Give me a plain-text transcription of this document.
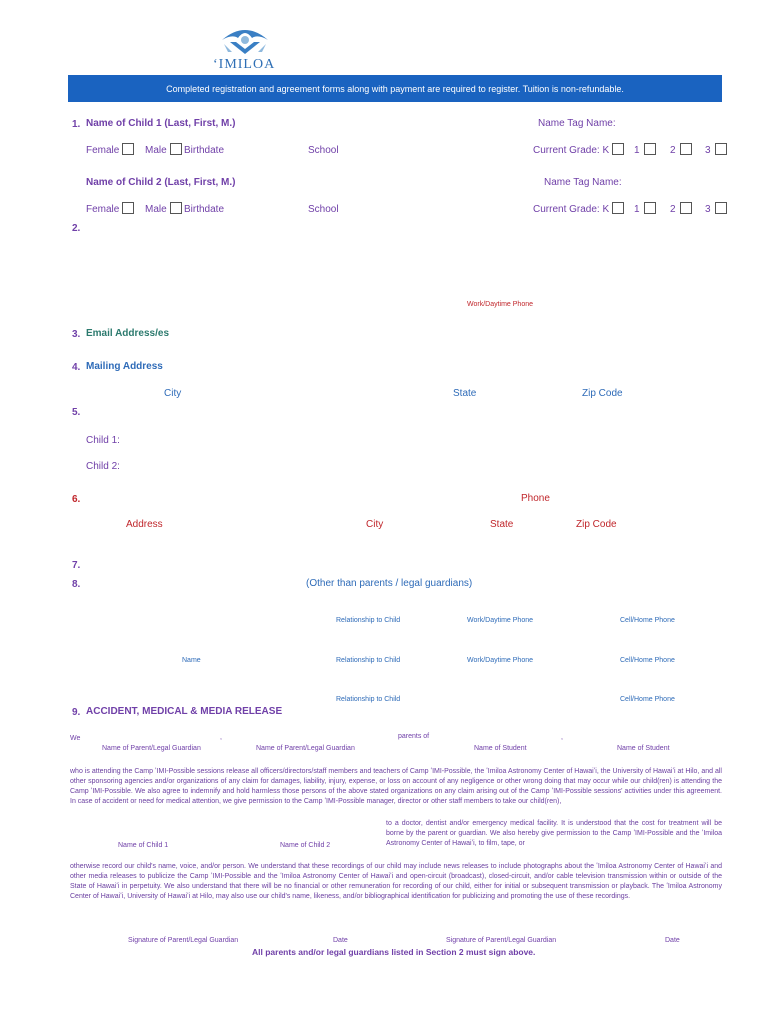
ʻIMILOA
Completed registration and agreement forms along with payment are required to register. Tuition is non-refundable.
1. Name of Child 1 (Last, First, M.)	Name Tag Name:
Female	Male Birthdate	School	Current Grade: K 1	2	3
Name of Child 2 (Last, First, M.)	Name Tag Name:
Female	Male Birthdate	School	Current Grade: K 1	2	3
2.
Work/Daytime Phone
3. Email Address/es
4. Mailing Address
City	State	Zip Code
5.
Child 1:
Child 2:
6.	Phone
Address	City	State	Zip Code
7.
8.	(Other than parents / legal guardians)
Relationship to Child	Work/Daytime Phone	Cell/Home Phone
Name	Relationship to Child	Work/Daytime Phone	Cell/Home Phone
Relationship to Child	Cell/Home Phone
9. ACCIDENT, MEDICAL & MEDIA RELEASE
We	,	parents of	,
Name of Parent/Legal Guardian	Name of Parent/Legal Guardian	Name of Student	Name of Student
who is attending the Camp ʻIMI-Possible sessions release all officers/directors/staff members and teachers of Camp ʻIMI-Possible, the ʻImiloa Astronomy Center of Hawaiʻi, the University of Hawaiʻi at Hilo, and all other sponsoring agencies and/or organizations of any claim for damages, liability, injury, expense, or loss on account of any negligence or other wrong doing that may occur while our child(ren) is attending the Camp ʻIMI-Possible. We also agree to indemnify and hold harmless those persons of the above stated organizations on any claim arising out of the Camp ʻIMI-Possible sessions' activities under this agreement. In case of accident or need for medical attention, we give permission to the Camp ʻIMI-Possible manager, director or other staff members to take our child(ren),
to a doctor, dentist and/or emergency medical facility. It is understood that the cost for treatment will be borne by the parent or guardian. We also hereby give permission to the Camp ʻIMI-Possible and the ʻImiloa Astronomy Center of Hawaiʻi, to film, tape, or
Name of Child 1	Name of Child 2
otherwise record our child's name, voice, and/or person. We understand that these recordings of our child may include news releases to include photographs about the ʻImiloa Astronomy Center of Hawaiʻi and other media releases to publicize the Camp ʻIMI-Possible and the ʻImiloa Astronomy Center of Hawaiʻi and open-circuit (broadcast), closed-circuit, and/or cable television transmission within or outside of the State of Hawaiʻi in perpetuity. We also understand that there will be no financial or other remuneration for recording of our child, either for initial or subsequent transmission or playback. The ʻImiloa Astronomy Center of Hawaiʻi, University of Hawaiʻi at Hilo, may also use our child's name, likeness, and/or bibliographical identification for publicizing and promoting the use of these recordings.
Signature of Parent/Legal Guardian	Date	Signature of Parent/Legal Guardian	Date
All parents and/or legal guardians listed in Section 2 must sign above.
